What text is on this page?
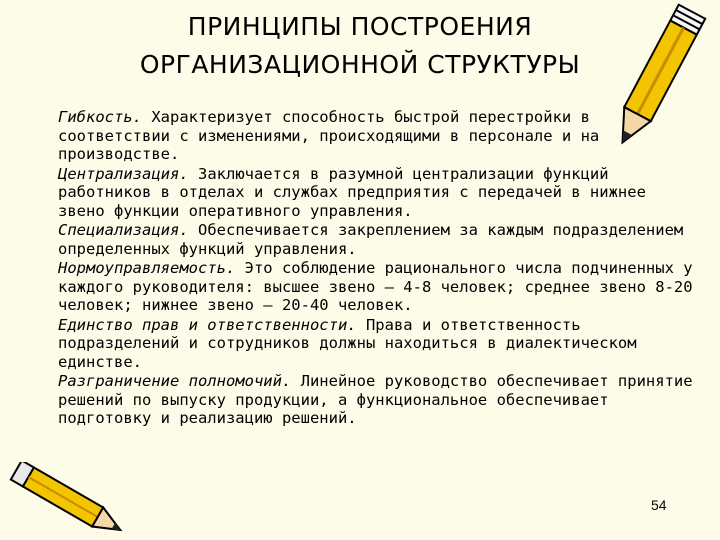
ПРИНЦИПЫ ПОСТРОЕНИЯ
ОРГАНИЗАЦИОННОЙ СТРУКТУРЫ

Гибкость. Характеризует способность быстрой перестройки в соответствии с изменениями, происходящими в персонале и на производстве.

Централизация. Заключается в разумной централизации функций работников в отделах и службах предприятия с передачей в нижнее звено функции оперативного управления.

Специализация. Обеспечивается закреплением за каждым подразделением определенных функций управления.

Нормоуправляемость. Это соблюдение рационального числа подчиненных у каждого руководителя: высшее звено – 4-8 человек; среднее звено 8-20 человек; нижнее звено – 20-40 человек.

Единство прав и ответственности. Права и ответственность подразделений и сотрудников должны находиться в диалектическом единстве.

Разграничение полномочий. Линейное руководство обеспечивает принятие решений по выпуску продукции, а функциональное обеспечивает подготовку и реализацию решений.

54
